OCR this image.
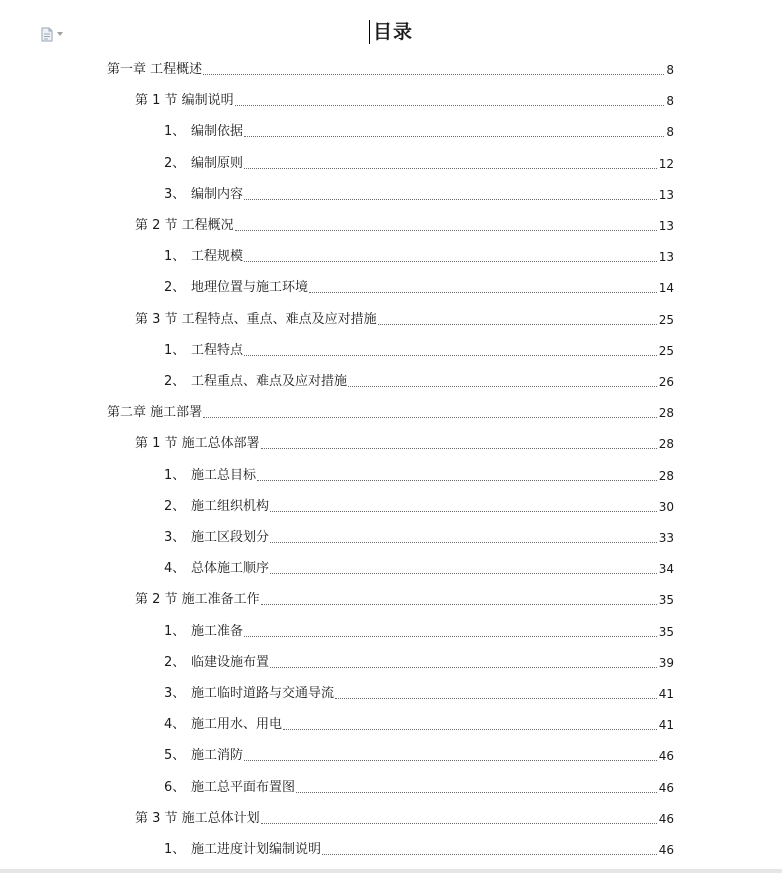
目录
第一章 工程概述	8
第 1 节 编制说明	8
1、 编制依据	8
2、 编制原则	12
3、 编制内容	13
第 2 节 工程概况	13
1、 工程规模	13
2、 地理位置与施工环境	14
第 3 节 工程特点、重点、难点及应对措施	25
1、 工程特点	25
2、 工程重点、难点及应对措施	26
第二章 施工部署	28
第 1 节 施工总体部署	28
1、 施工总目标	28
2、 施工组织机构	30
3、 施工区段划分	33
4、 总体施工顺序	34
第 2 节 施工准备工作	35
1、 施工准备	35
2、 临建设施布置	39
3、 施工临时道路与交通导流	41
4、 施工用水、用电	41
5、 施工消防	46
6、 施工总平面布置图	46
第 3 节 施工总体计划	46
1、 施工进度计划编制说明	46
